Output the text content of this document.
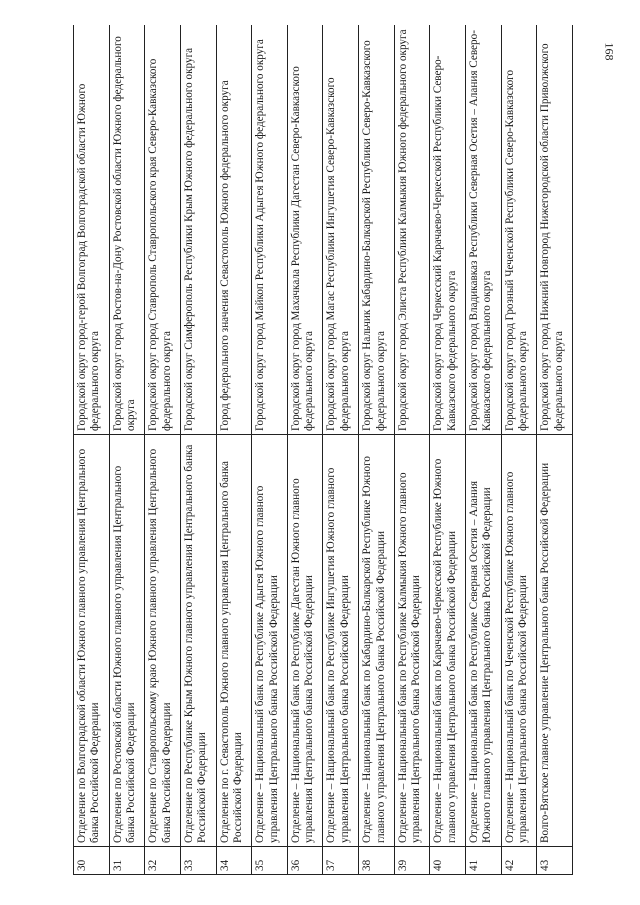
168
30	Отделение по Волгоградской области Южного главного управления Центрального банка Российской Федерации	Городской округ город-герой Волгоград Волгоградской области Южного федерального округа
31	Отделение по Ростовской области Южного главного управления Центрального банка Российской Федерации	Городской округ город Ростов-на-Дону Ростовской области Южного федерального округа
32	Отделение по Ставропольскому краю Южного главного управления Центрального банка Российской Федерации	Городской округ город Ставрополь Ставропольского края Северо-Кавказского федерального округа
33	Отделение по Республике Крым Южного главного управления Центрального банка Российской Федерации	Городской округ Симферополь Республики Крым Южного федерального округа
34	Отделение по г. Севастополь Южного главного управления Центрального банка Российской Федерации	Город федерального значения Севастополь Южного федерального округа
35	Отделение – Национальный банк по Республике Адыгея Южного главного управления Центрального банка Российской Федерации	Городской округ город Майкоп Республики Адыгея Южного федерального округа
36	Отделение – Национальный банк по Республике Дагестан Южного главного управления Центрального банка Российской Федерации	Городской округ город Махачкала Республики Дагестан Северо-Кавказского федерального округа
37	Отделение – Национальный банк по Республике Ингушетия Южного главного управления Центрального банка Российской Федерации	Городской округ город Магас Республики Ингушетия Северо-Кавказского федерального округа
38	Отделение – Национальный банк по Кабардино-Балкарской Республике Южного главного управления Центрального банка Российской Федерации	Городской округ Нальчик Кабардино-Балкарской Республики Северо-Кавказского федерального округа
39	Отделение – Национальный банк по Республике Калмыкия Южного главного управления Центрального банка Российской Федерации	Городской округ город Элиста Республики Калмыкия Южного федерального округа
40	Отделение – Национальный банк по Карачаево-Черкесской Республике Южного главного управления Центрального банка Российской Федерации	Городской округ город Черкесский Карачаево-Черкесской Республики Северо-Кавказского федерального округа
41	Отделение – Национальный банк по Республике Северная Осетия – Алания Южного главного управления Центрального банка Российской Федерации	Городской округ город Владикавказ Республики Северная Осетия – Алания Северо-Кавказского федерального округа
42	Отделение – Национальный банк по Чеченской Республике Южного главного управления Центрального банка Российской Федерации	Городской округ город Грозный Чеченской Республики Северо-Кавказского федерального округа
43	Волго-Вятское главное управление Центрального банка Российской Федерации	Городской округ город Нижний Новгород Нижегородской области Приволжского федерального округа
